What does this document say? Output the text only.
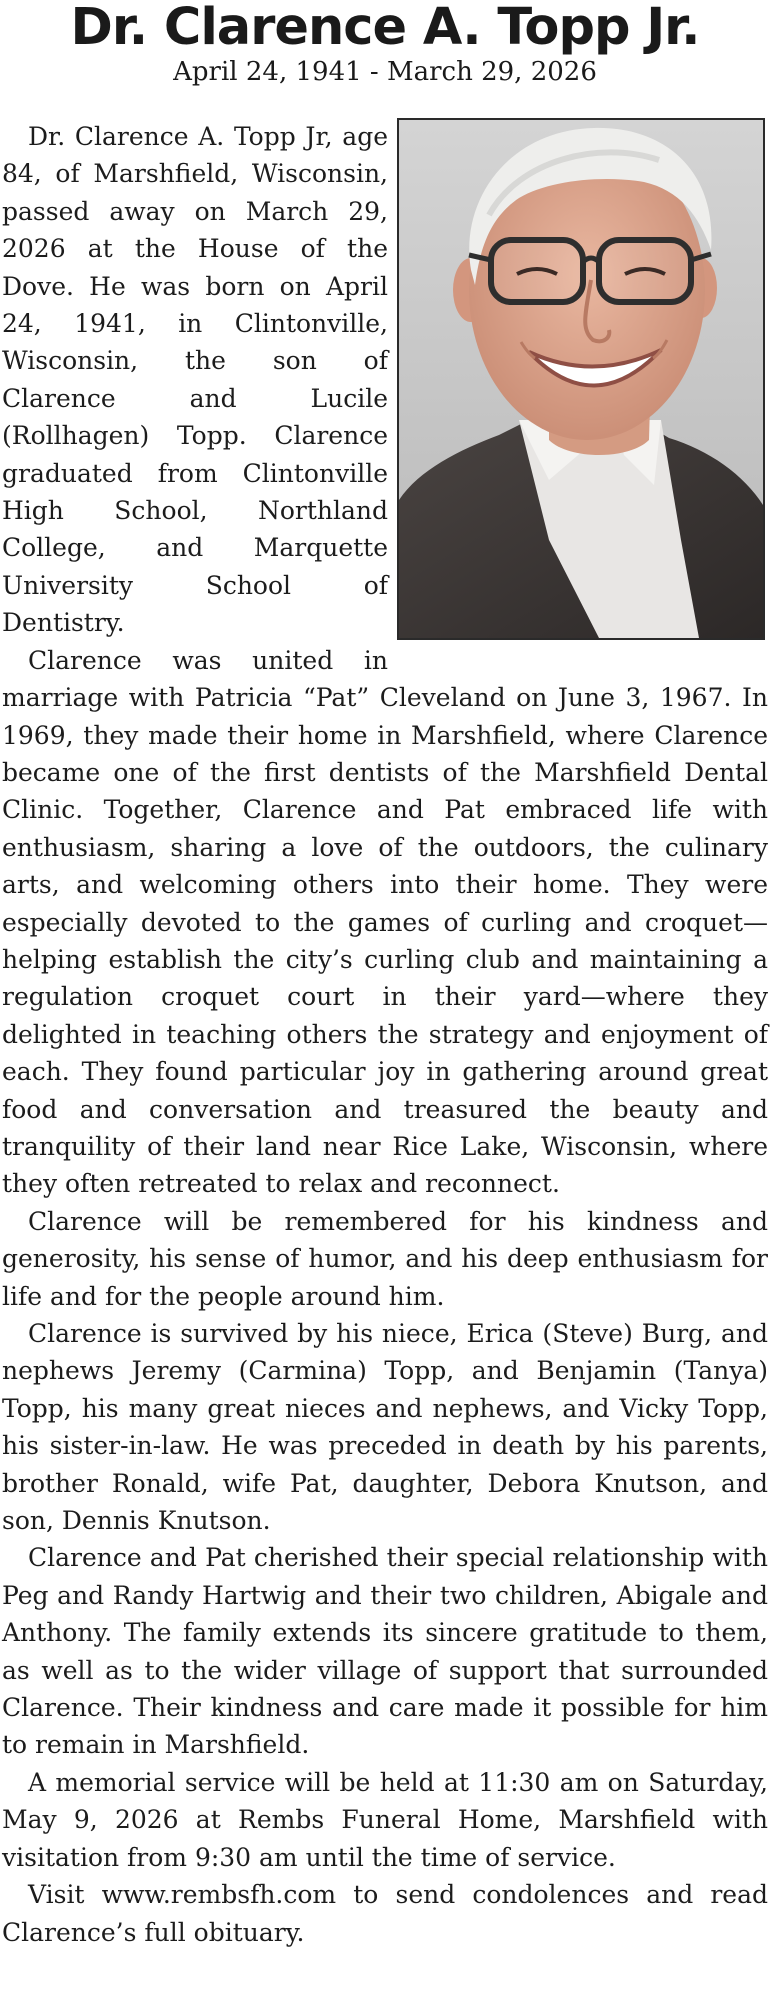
Dr. Clarence A. Topp Jr.
April 24, 1941 - March 29, 2026

Dr. Clarence A. Topp Jr, age 84, of Marshfield, Wisconsin, passed away on March 29, 2026 at the House of the Dove. He was born on April 24, 1941, in Clintonville, Wisconsin, the son of Clarence and Lucile (Rollhagen) Topp. Clarence graduated from Clintonville High School, Northland College, and Marquette University School of Dentistry.

Clarence was united in marriage with Patricia “Pat” Cleveland on June 3, 1967. In 1969, they made their home in Marshfield, where Clarence became one of the first dentists of the Marshfield Dental Clinic. Together, Clarence and Pat embraced life with enthusiasm, sharing a love of the outdoors, the culinary arts, and welcoming others into their home. They were especially devoted to the games of curling and croquet—helping establish the city’s curling club and maintaining a regulation croquet court in their yard—where they delighted in teaching others the strategy and enjoyment of each. They found particular joy in gathering around great food and conversation and treasured the beauty and tranquility of their land near Rice Lake, Wisconsin, where they often retreated to relax and reconnect.

Clarence will be remembered for his kindness and generosity, his sense of humor, and his deep enthusiasm for life and for the people around him.

Clarence is survived by his niece, Erica (Steve) Burg, and nephews Jeremy (Carmina) Topp, and Benjamin (Tanya) Topp, his many great nieces and nephews, and Vicky Topp, his sister-in-law. He was preceded in death by his parents, brother Ronald, wife Pat, daughter, Debora Knutson, and son, Dennis Knutson.

Clarence and Pat cherished their special relationship with Peg and Randy Hartwig and their two children, Abigale and Anthony. The family extends its sincere gratitude to them, as well as to the wider village of support that surrounded Clarence. Their kindness and care made it possible for him to remain in Marshfield.

A memorial service will be held at 11:30 am on Saturday, May 9, 2026 at Rembs Funeral Home, Marshfield with visitation from 9:30 am until the time of service.

Visit www.rembsfh.com to send condolences and read Clarence’s full obituary.
